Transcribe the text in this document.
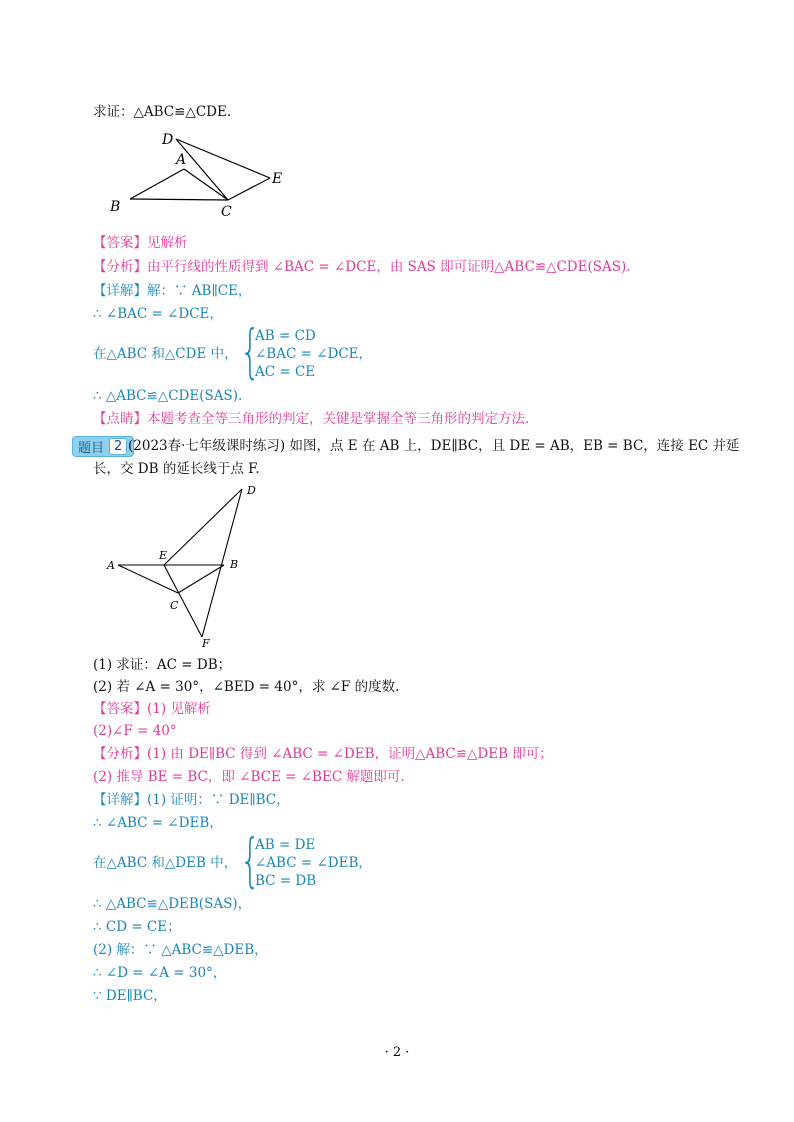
求证：△ABC≌△CDE.
D
A
E
B	C
【答案】见解析
【分析】由平行线的性质得到 ∠BAC = ∠DCE，由 SAS 即可证明△ABC≌△CDE(SAS).
【详解】解：∵ AB∥CE，
∴ ∠BAC = ∠DCE，
在△ABC 和△CDE 中， {
AB = CD
∠BAC = ∠DCE，
AC = CE
∴ △ABC≌△CDE(SAS).
【点睛】本题考查全等三角形的判定，关键是掌握全等三角形的判定方法.
题目 2 (2023春·七年级课时练习) 如图，点 E 在 AB 上，DE∥BC，且 DE = AB，EB = BC，连接 EC 并延
长，交 DB 的延长线于点 F.
D
A
E
B
C
F
(1) 求证：AC = DB；
(2) 若 ∠A = 30°，∠BED = 40°，求 ∠F 的度数.
【答案】(1) 见解析
(2)∠F = 40°
【分析】(1) 由 DE∥BC 得到 ∠ABC = ∠DEB，证明△ABC≌△DEB 即可；
(2) 推导 BE = BC，即 ∠BCE = ∠BEC 解题即可.
【详解】(1) 证明：∵ DE∥BC，
∴ ∠ABC = ∠DEB，
在△ABC 和△DEB 中， {
AB = DE
∠ABC = ∠DEB，
BC = DB
∴ △ABC≌△DEB(SAS)，
∴ CD = CE；
(2) 解：∵ △ABC≌△DEB，
∴ ∠D = ∠A = 30°，
∵ DE∥BC，
· 2 ·
